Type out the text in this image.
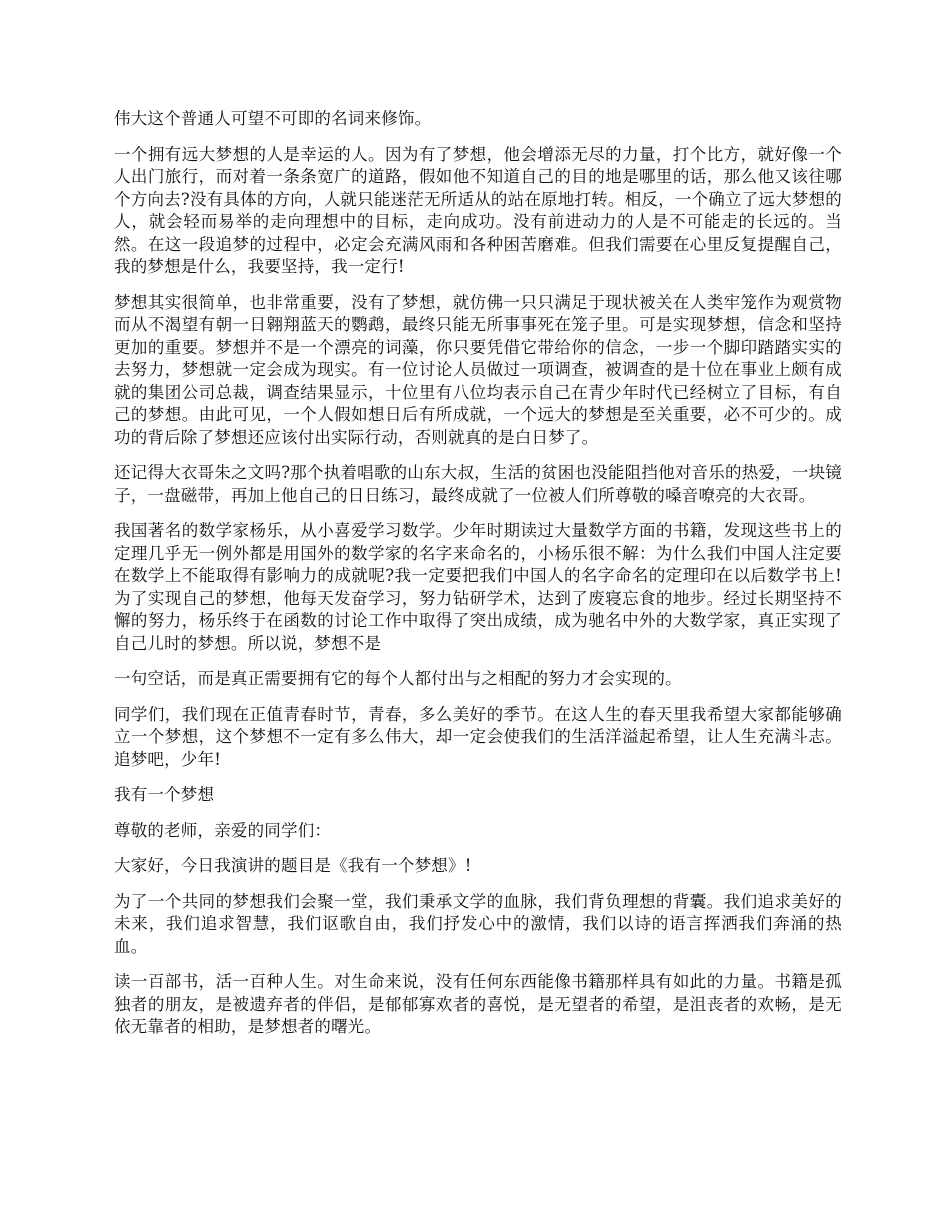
伟大这个普通人可望不可即的名词来修饰。

一个拥有远大梦想的人是幸运的人。因为有了梦想，他会增添无尽的力量，打个比方，就好像一个人出门旅行，而对着一条条宽广的道路，假如他不知道自己的目的地是哪里的话，那么他又该往哪个方向去?没有具体的方向，人就只能迷茫无所适从的站在原地打转。相反，一个确立了远大梦想的人，就会轻而易举的走向理想中的目标，走向成功。没有前进动力的人是不可能走的长远的。当然。在这一段追梦的过程中，必定会充满风雨和各种困苦磨难。但我们需要在心里反复提醒自己，我的梦想是什么，我要坚持，我一定行!

梦想其实很简单，也非常重要，没有了梦想，就仿佛一只只满足于现状被关在人类牢笼作为观赏物而从不渴望有朝一日翱翔蓝天的鹦鹉，最终只能无所事事死在笼子里。可是实现梦想，信念和坚持更加的重要。梦想并不是一个漂亮的词藻，你只要凭借它带给你的信念，一步一个脚印踏踏实实的去努力，梦想就一定会成为现实。有一位讨论人员做过一项调查，被调查的是十位在事业上颇有成就的集团公司总裁，调查结果显示，十位里有八位均表示自己在青少年时代已经树立了目标，有自己的梦想。由此可见，一个人假如想日后有所成就，一个远大的梦想是至关重要，必不可少的。成功的背后除了梦想还应该付出实际行动，否则就真的是白日梦了。

还记得大衣哥朱之文吗?那个执着唱歌的山东大叔，生活的贫困也没能阻挡他对音乐的热爱，一块镜子，一盘磁带，再加上他自己的日日练习，最终成就了一位被人们所尊敬的嗓音嘹亮的大衣哥。

我国著名的数学家杨乐，从小喜爱学习数学。少年时期读过大量数学方面的书籍，发现这些书上的定理几乎无一例外都是用国外的数学家的名字来命名的，小杨乐很不解：为什么我们中国人注定要在数学上不能取得有影响力的成就呢?我一定要把我们中国人的名字命名的定理印在以后数学书上!为了实现自己的梦想，他每天发奋学习，努力钻研学术，达到了废寝忘食的地步。经过长期坚持不懈的努力，杨乐终于在函数的讨论工作中取得了突出成绩，成为驰名中外的大数学家，真正实现了自己儿时的梦想。所以说，梦想不是

一句空话，而是真正需要拥有它的每个人都付出与之相配的努力才会实现的。

同学们，我们现在正值青春时节，青春，多么美好的季节。在这人生的春天里我希望大家都能够确立一个梦想，这个梦想不一定有多么伟大，却一定会使我们的生活洋溢起希望，让人生充满斗志。追梦吧，少年!

我有一个梦想

尊敬的老师，亲爱的同学们：

大家好，今日我演讲的题目是《我有一个梦想》!

为了一个共同的梦想我们会聚一堂，我们秉承文学的血脉，我们背负理想的背囊。我们追求美好的未来，我们追求智慧，我们讴歌自由，我们抒发心中的激情，我们以诗的语言挥洒我们奔涌的热血。

读一百部书，活一百种人生。对生命来说，没有任何东西能像书籍那样具有如此的力量。书籍是孤独者的朋友，是被遗弃者的伴侣，是郁郁寡欢者的喜悦，是无望者的希望，是沮丧者的欢畅，是无依无靠者的相助，是梦想者的曙光。
